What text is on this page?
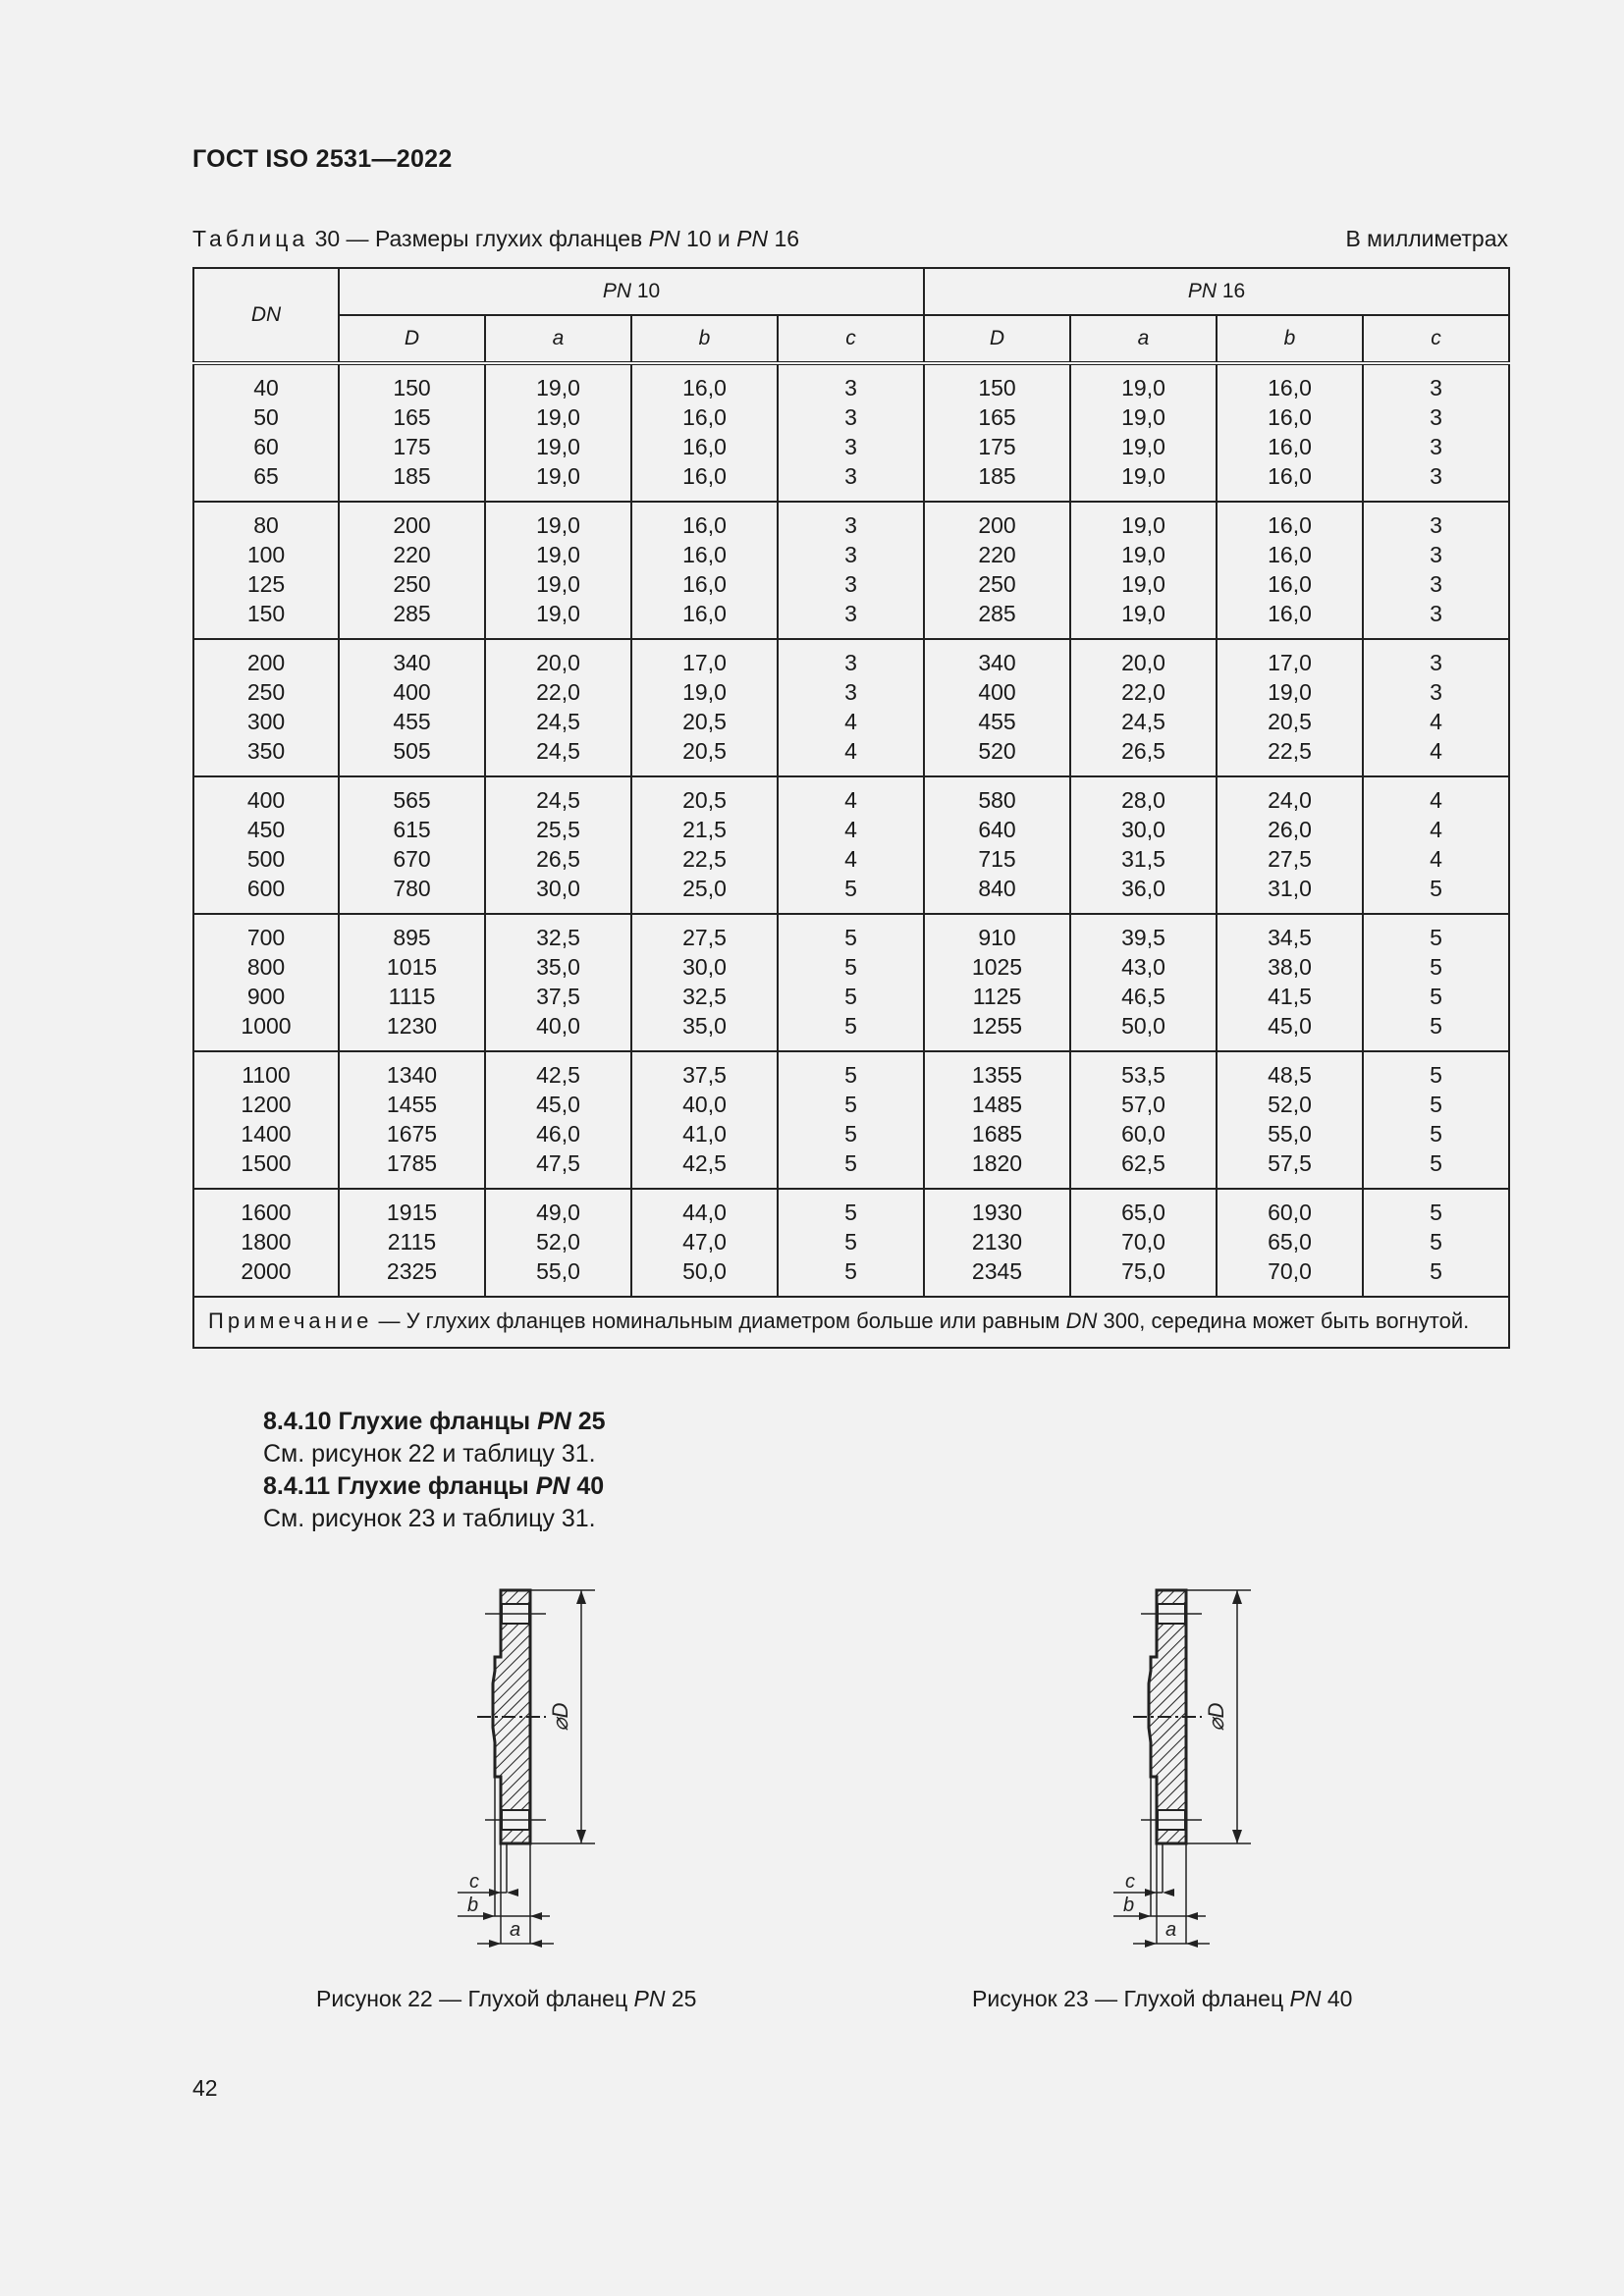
ГОСТ ISO 2531—2022
Таблица 30 — Размеры глухих фланцев PN 10 и PN 16	В миллиметрах
DN	PN 10				PN 16			
	D	a	b	c	D	a	b	c
40	150	19,0	16,0	3	150	19,0	16,0	3
50	165	19,0	16,0	3	165	19,0	16,0	3
60	175	19,0	16,0	3	175	19,0	16,0	3
65	185	19,0	16,0	3	185	19,0	16,0	3
80	200	19,0	16,0	3	200	19,0	16,0	3
100	220	19,0	16,0	3	220	19,0	16,0	3
125	250	19,0	16,0	3	250	19,0	16,0	3
150	285	19,0	16,0	3	285	19,0	16,0	3
200	340	20,0	17,0	3	340	20,0	17,0	3
250	400	22,0	19,0	3	400	22,0	19,0	3
300	455	24,5	20,5	4	455	24,5	20,5	4
350	505	24,5	20,5	4	520	26,5	22,5	4
400	565	24,5	20,5	4	580	28,0	24,0	4
450	615	25,5	21,5	4	640	30,0	26,0	4
500	670	26,5	22,5	4	715	31,5	27,5	4
600	780	30,0	25,0	5	840	36,0	31,0	5
700	895	32,5	27,5	5	910	39,5	34,5	5
800	1015	35,0	30,0	5	1025	43,0	38,0	5
900	1115	37,5	32,5	5	1125	46,5	41,5	5
1000	1230	40,0	35,0	5	1255	50,0	45,0	5
1100	1340	42,5	37,5	5	1355	53,5	48,5	5
1200	1455	45,0	40,0	5	1485	57,0	52,0	5
1400	1675	46,0	41,0	5	1685	60,0	55,0	5
1500	1785	47,5	42,5	5	1820	62,5	57,5	5
1600	1915	49,0	44,0	5	1930	65,0	60,0	5
1800	2115	52,0	47,0	5	2130	70,0	65,0	5
2000	2325	55,0	50,0	5	2345	75,0	70,0	5
Примечание — У глухих фланцев номинальным диаметром больше или равным DN 300, середина может быть вогнутой.								
8.4.10 Глухие фланцы PN 25
См. рисунок 22 и таблицу 31.
8.4.11 Глухие фланцы PN 40
См. рисунок 23 и таблицу 31.
⌀D
c
b
a
⌀D
c
b
a
Рисунок 22 — Глухой фланец PN 25	Рисунок 23 — Глухой фланец PN 40
42
